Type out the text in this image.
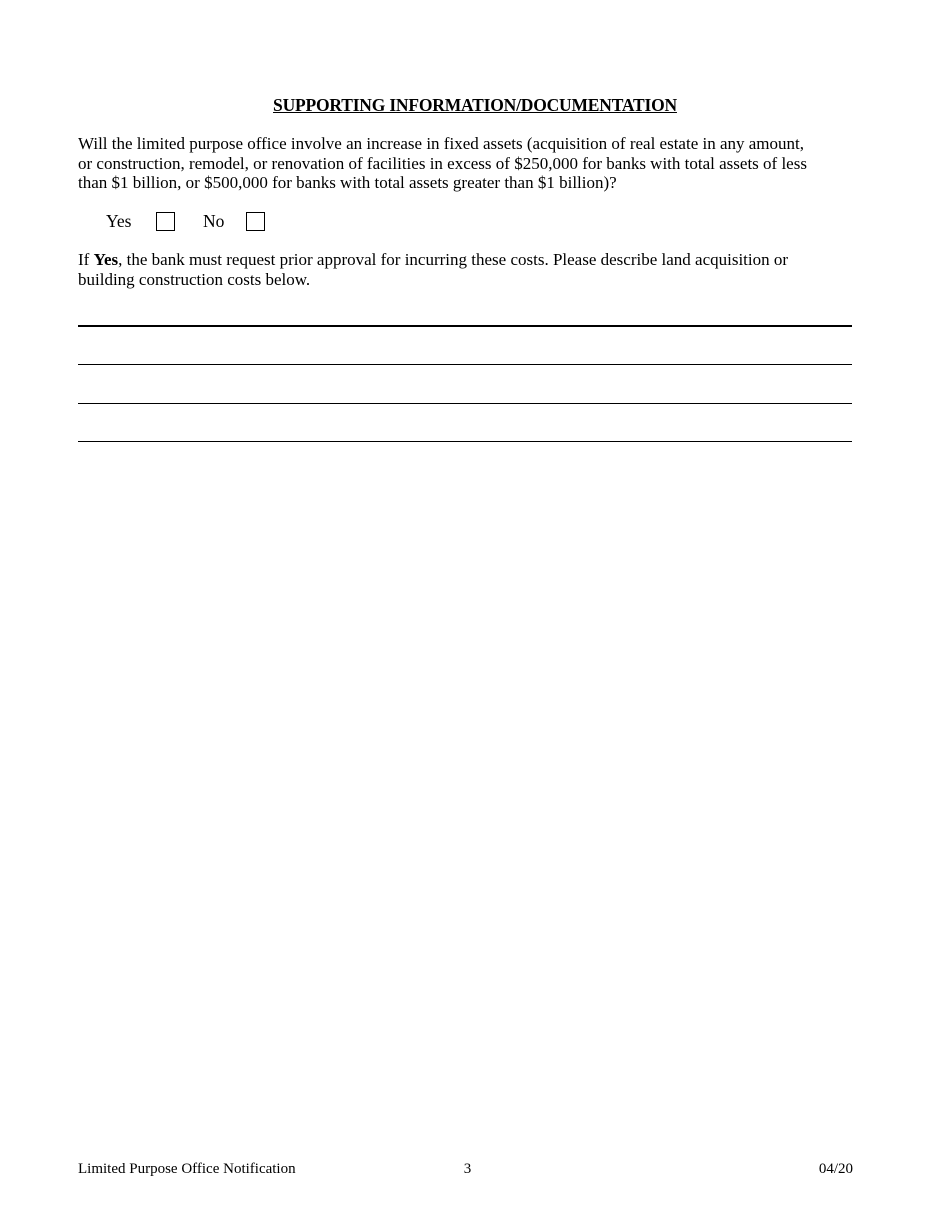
SUPPORTING INFORMATION/DOCUMENTATION
Will the limited purpose office involve an increase in fixed assets (acquisition of real estate in any amount,
or construction, remodel, or renovation of facilities in excess of $250,000 for banks with total assets of less
than $1 billion, or $500,000 for banks with total assets greater than $1 billion)?
Yes	No
If Yes, the bank must request prior approval for incurring these costs. Please describe land acquisition or
building construction costs below.
Limited Purpose Office Notification	3	04/20
